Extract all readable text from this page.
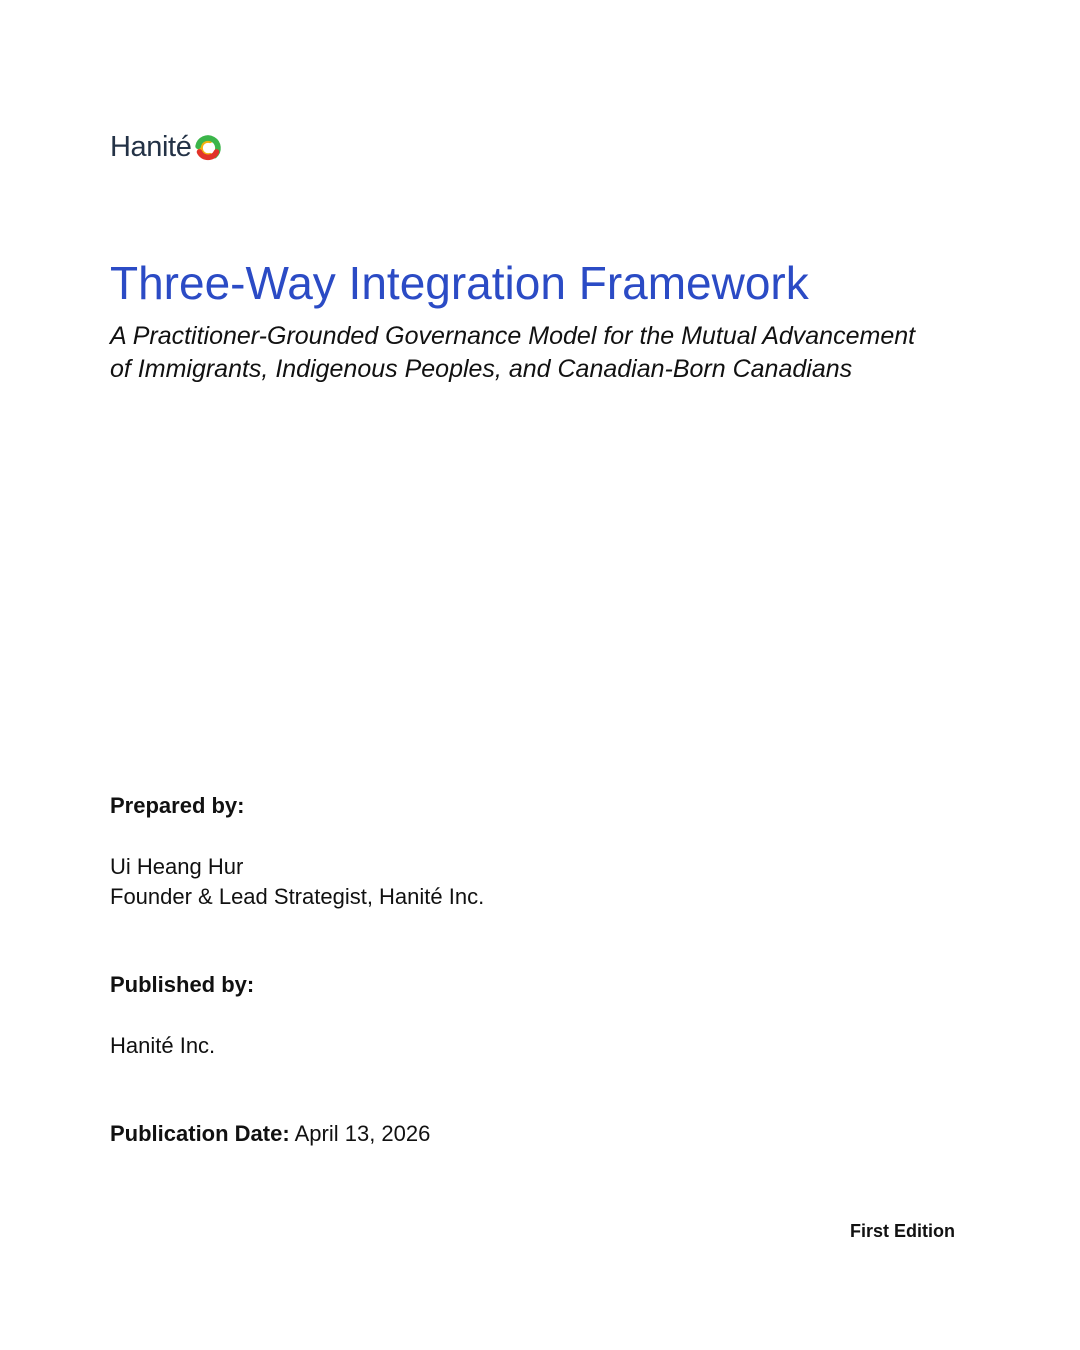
Hanité
Three-Way Integration Framework
A Practitioner-Grounded Governance Model for the Mutual Advancement
of Immigrants, Indigenous Peoples, and Canadian-Born Canadians
Prepared by:
Ui Heang Hur
Founder & Lead Strategist, Hanité Inc.
Published by:
Hanité Inc.
Publication Date: April 13, 2026
First Edition
